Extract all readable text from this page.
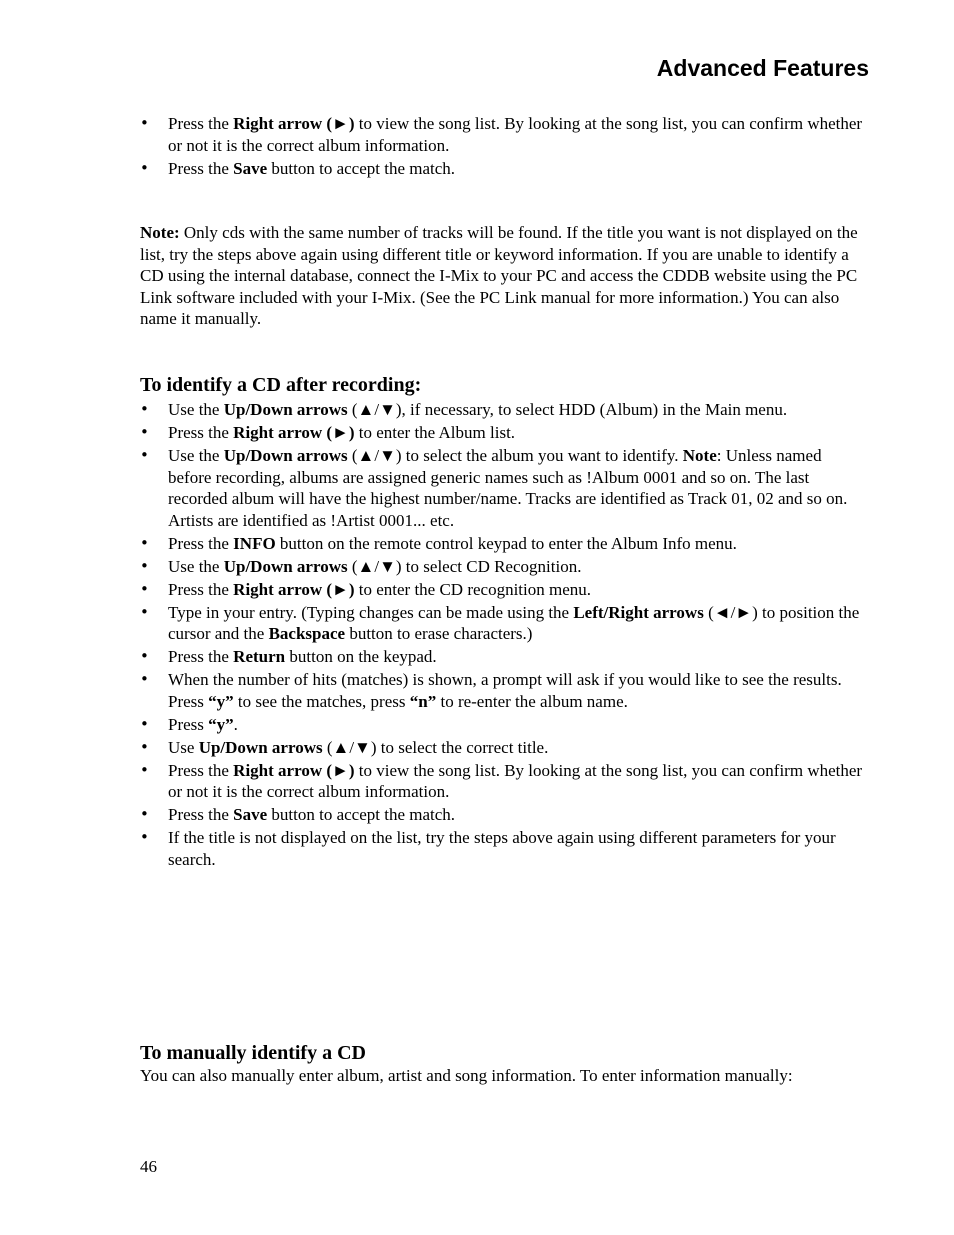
Advanced Features
• Press the Right arrow (►) to view the song list. By looking at the song list, you can confirm whether or not it is the correct album information.
• Press the Save button to accept the match.

Note: Only cds with the same number of tracks will be found. If the title you want is not displayed on the list, try the steps above again using different title or keyword information. If you are unable to identify a CD using the internal database, connect the I-Mix to your PC and access the CDDB website using the PC Link software included with your I-Mix. (See the PC Link manual for more information.) You can also name it manually.

To identify a CD after recording:
• Use the Up/Down arrows (▲/▼), if necessary, to select HDD (Album) in the Main menu.
• Press the Right arrow (►) to enter the Album list.
• Use the Up/Down arrows (▲/▼) to select the album you want to identify. Note: Unless named before recording, albums are assigned generic names such as !Album 0001 and so on. The last recorded album will have the highest number/name. Tracks are identified as Track 01, 02 and so on. Artists are identified as !Artist 0001... etc.
• Press the INFO button on the remote control keypad to enter the Album Info menu.
• Use the Up/Down arrows (▲/▼) to select CD Recognition.
• Press the Right arrow (►) to enter the CD recognition menu.
• Type in your entry. (Typing changes can be made using the Left/Right arrows (◄/►) to position the cursor and the Backspace button to erase characters.)
• Press the Return button on the keypad.
• When the number of hits (matches) is shown, a prompt will ask if you would like to see the results. Press “y” to see the matches, press “n” to re-enter the album name.
• Press “y”.
• Use Up/Down arrows (▲/▼) to select the correct title.
• Press the Right arrow (►) to view the song list. By looking at the song list, you can confirm whether or not it is the correct album information.
• Press the Save button to accept the match.
• If the title is not displayed on the list, try the steps above again using different parameters for your search.
To manually identify a CD

You can also manually enter album, artist and song information. To enter information manually:

46
